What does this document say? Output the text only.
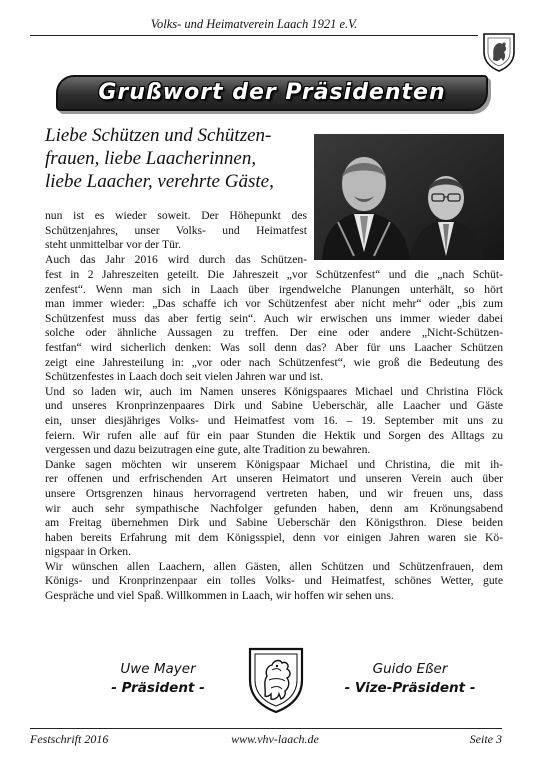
Volks- und Heimatverein Laach 1921 e.V.
Grußwort der Präsidenten
Liebe Schützen und Schützen-
frauen, liebe Laacherinnen,
liebe Laacher, verehrte Gäste,
nun ist es wieder soweit. Der Höhepunkt des
Schützenjahres, unser Volks- und Heimatfest
steht unmittelbar vor der Tür.
Auch das Jahr 2016 wird durch das Schützen-
fest in 2 Jahreszeiten geteilt. Die Jahreszeit „vor Schützenfest“ und die „nach Schüt-
zenfest“. Wenn man sich in Laach über irgendwelche Planungen unterhält, so hört
man immer wieder: „Das schaffe ich vor Schützenfest aber nicht mehr“ oder „bis zum
Schützenfest muss das aber fertig sein“. Auch wir erwischen uns immer wieder dabei
solche oder ähnliche Aussagen zu treffen. Der eine oder andere „Nicht-Schützen-
festfan“ wird sicherlich denken: Was soll denn das? Aber für uns Laacher Schützen
zeigt eine Jahresteilung in: „vor oder nach Schützenfest“, wie groß die Bedeutung des
Schützenfestes in Laach doch seit vielen Jahren war und ist.
Und so laden wir, auch im Namen unseres Königspaares Michael und Christina Flöck
und unseres Kronprinzenpaares Dirk und Sabine Ueberschär, alle Laacher und Gäste
ein, unser diesjähriges Volks- und Heimatfest vom 16. – 19. September mit uns zu
feiern. Wir rufen alle auf für ein paar Stunden die Hektik und Sorgen des Alltags zu
vergessen und dazu beizutragen eine gute, alte Tradition zu bewahren.
Danke sagen möchten wir unserem Königspaar Michael und Christina, die mit ih-
rer offenen und erfrischenden Art unseren Heimatort und unseren Verein auch über
unsere Ortsgrenzen hinaus hervorragend vertreten haben, und wir freuen uns, dass
wir auch sehr sympathische Nachfolger gefunden haben, denn am Krönungsabend
am Freitag übernehmen Dirk und Sabine Ueberschär den Königsthron. Diese beiden
haben bereits Erfahrung mit dem Königsspiel, denn vor einigen Jahren waren sie Kö-
nigspaar in Orken.
Wir wünschen allen Laachern, allen Gästen, allen Schützen und Schützenfrauen, dem
Königs- und Kronprinzenpaar ein tolles Volks- und Heimatfest, schönes Wetter, gute
Gespräche und viel Spaß. Willkommen in Laach, wir hoffen wir sehen uns.
Uwe Mayer
- Präsident -
Guido Eßer
- Vize-Präsident -
Festschrift 2016	www.vhv-laach.de	Seite 3
